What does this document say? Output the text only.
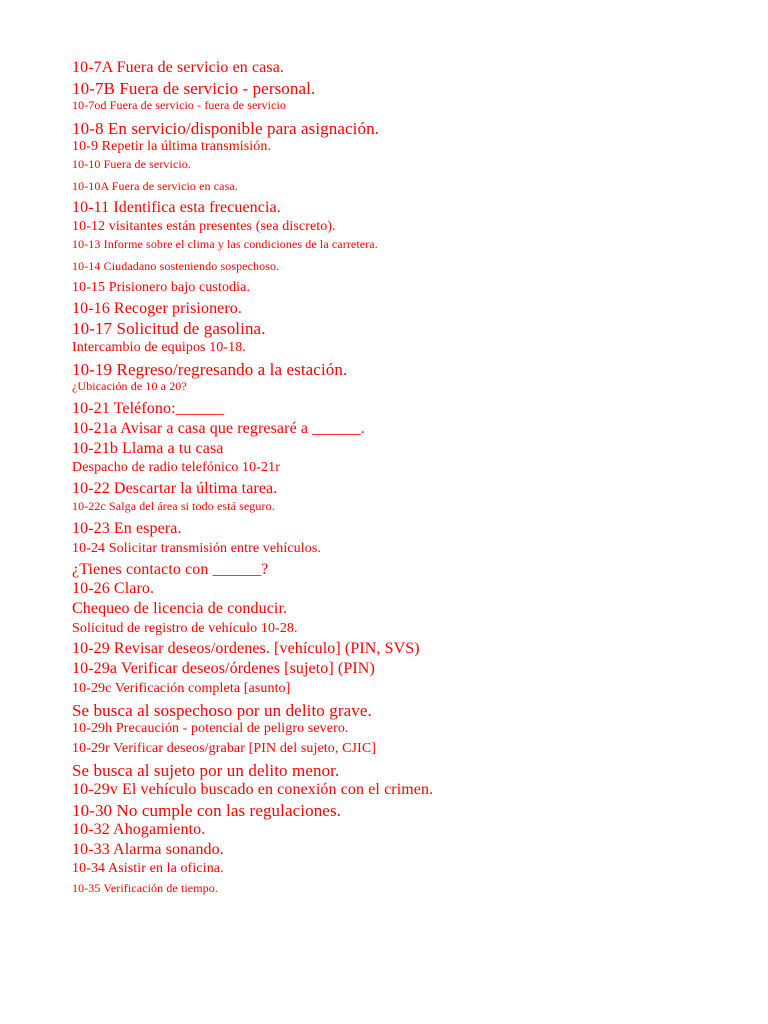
10-7A Fuera de servicio en casa.
10-7B Fuera de servicio - personal.
10-7od Fuera de servicio - fuera de servicio
10-8 En servicio/disponible para asignación.
10-9 Repetir la última transmisión.
10-10 Fuera de servicio.
10-10A Fuera de servicio en casa.
10-11 Identifica esta frecuencia.
10-12 visitantes están presentes (sea discreto).
10-13 Informe sobre el clima y las condiciones de la carretera.
10-14 Ciudadano sosteniendo sospechoso.
10-15 Prisionero bajo custodia.
10-16 Recoger prisionero.
10-17 Solicitud de gasolina.
Intercambio de equipos 10-18.
10-19 Regreso/regresando a la estación.
¿Ubicación de 10 a 20?
10-21 Teléfono:______
10-21a Avisar a casa que regresaré a ______.
10-21b Llama a tu casa
Despacho de radio telefónico 10-21r
10-22 Descartar la última tarea.
10-22c Salga del área si todo está seguro.
10-23 En espera.
10-24 Solicitar transmisión entre vehículos.
¿Tienes contacto con ______?
10-26 Claro.
Chequeo de licencia de conducir.
Solicitud de registro de vehículo 10-28.
10-29 Revisar deseos/ordenes. [vehículo] (PIN, SVS)
10-29a Verificar deseos/órdenes [sujeto] (PIN)
10-29c Verificación completa [asunto]
Se busca al sospechoso por un delito grave.
10-29h Precaución - potencial de peligro severo.
10-29r Verificar deseos/grabar [PIN del sujeto, CJIC]
Se busca al sujeto por un delito menor.
10-29v El vehículo buscado en conexión con el crimen.
10-30 No cumple con las regulaciones.
10-32 Ahogamiento.
10-33 Alarma sonando.
10-34 Asistir en la oficina.
10-35 Verificación de tiempo.
